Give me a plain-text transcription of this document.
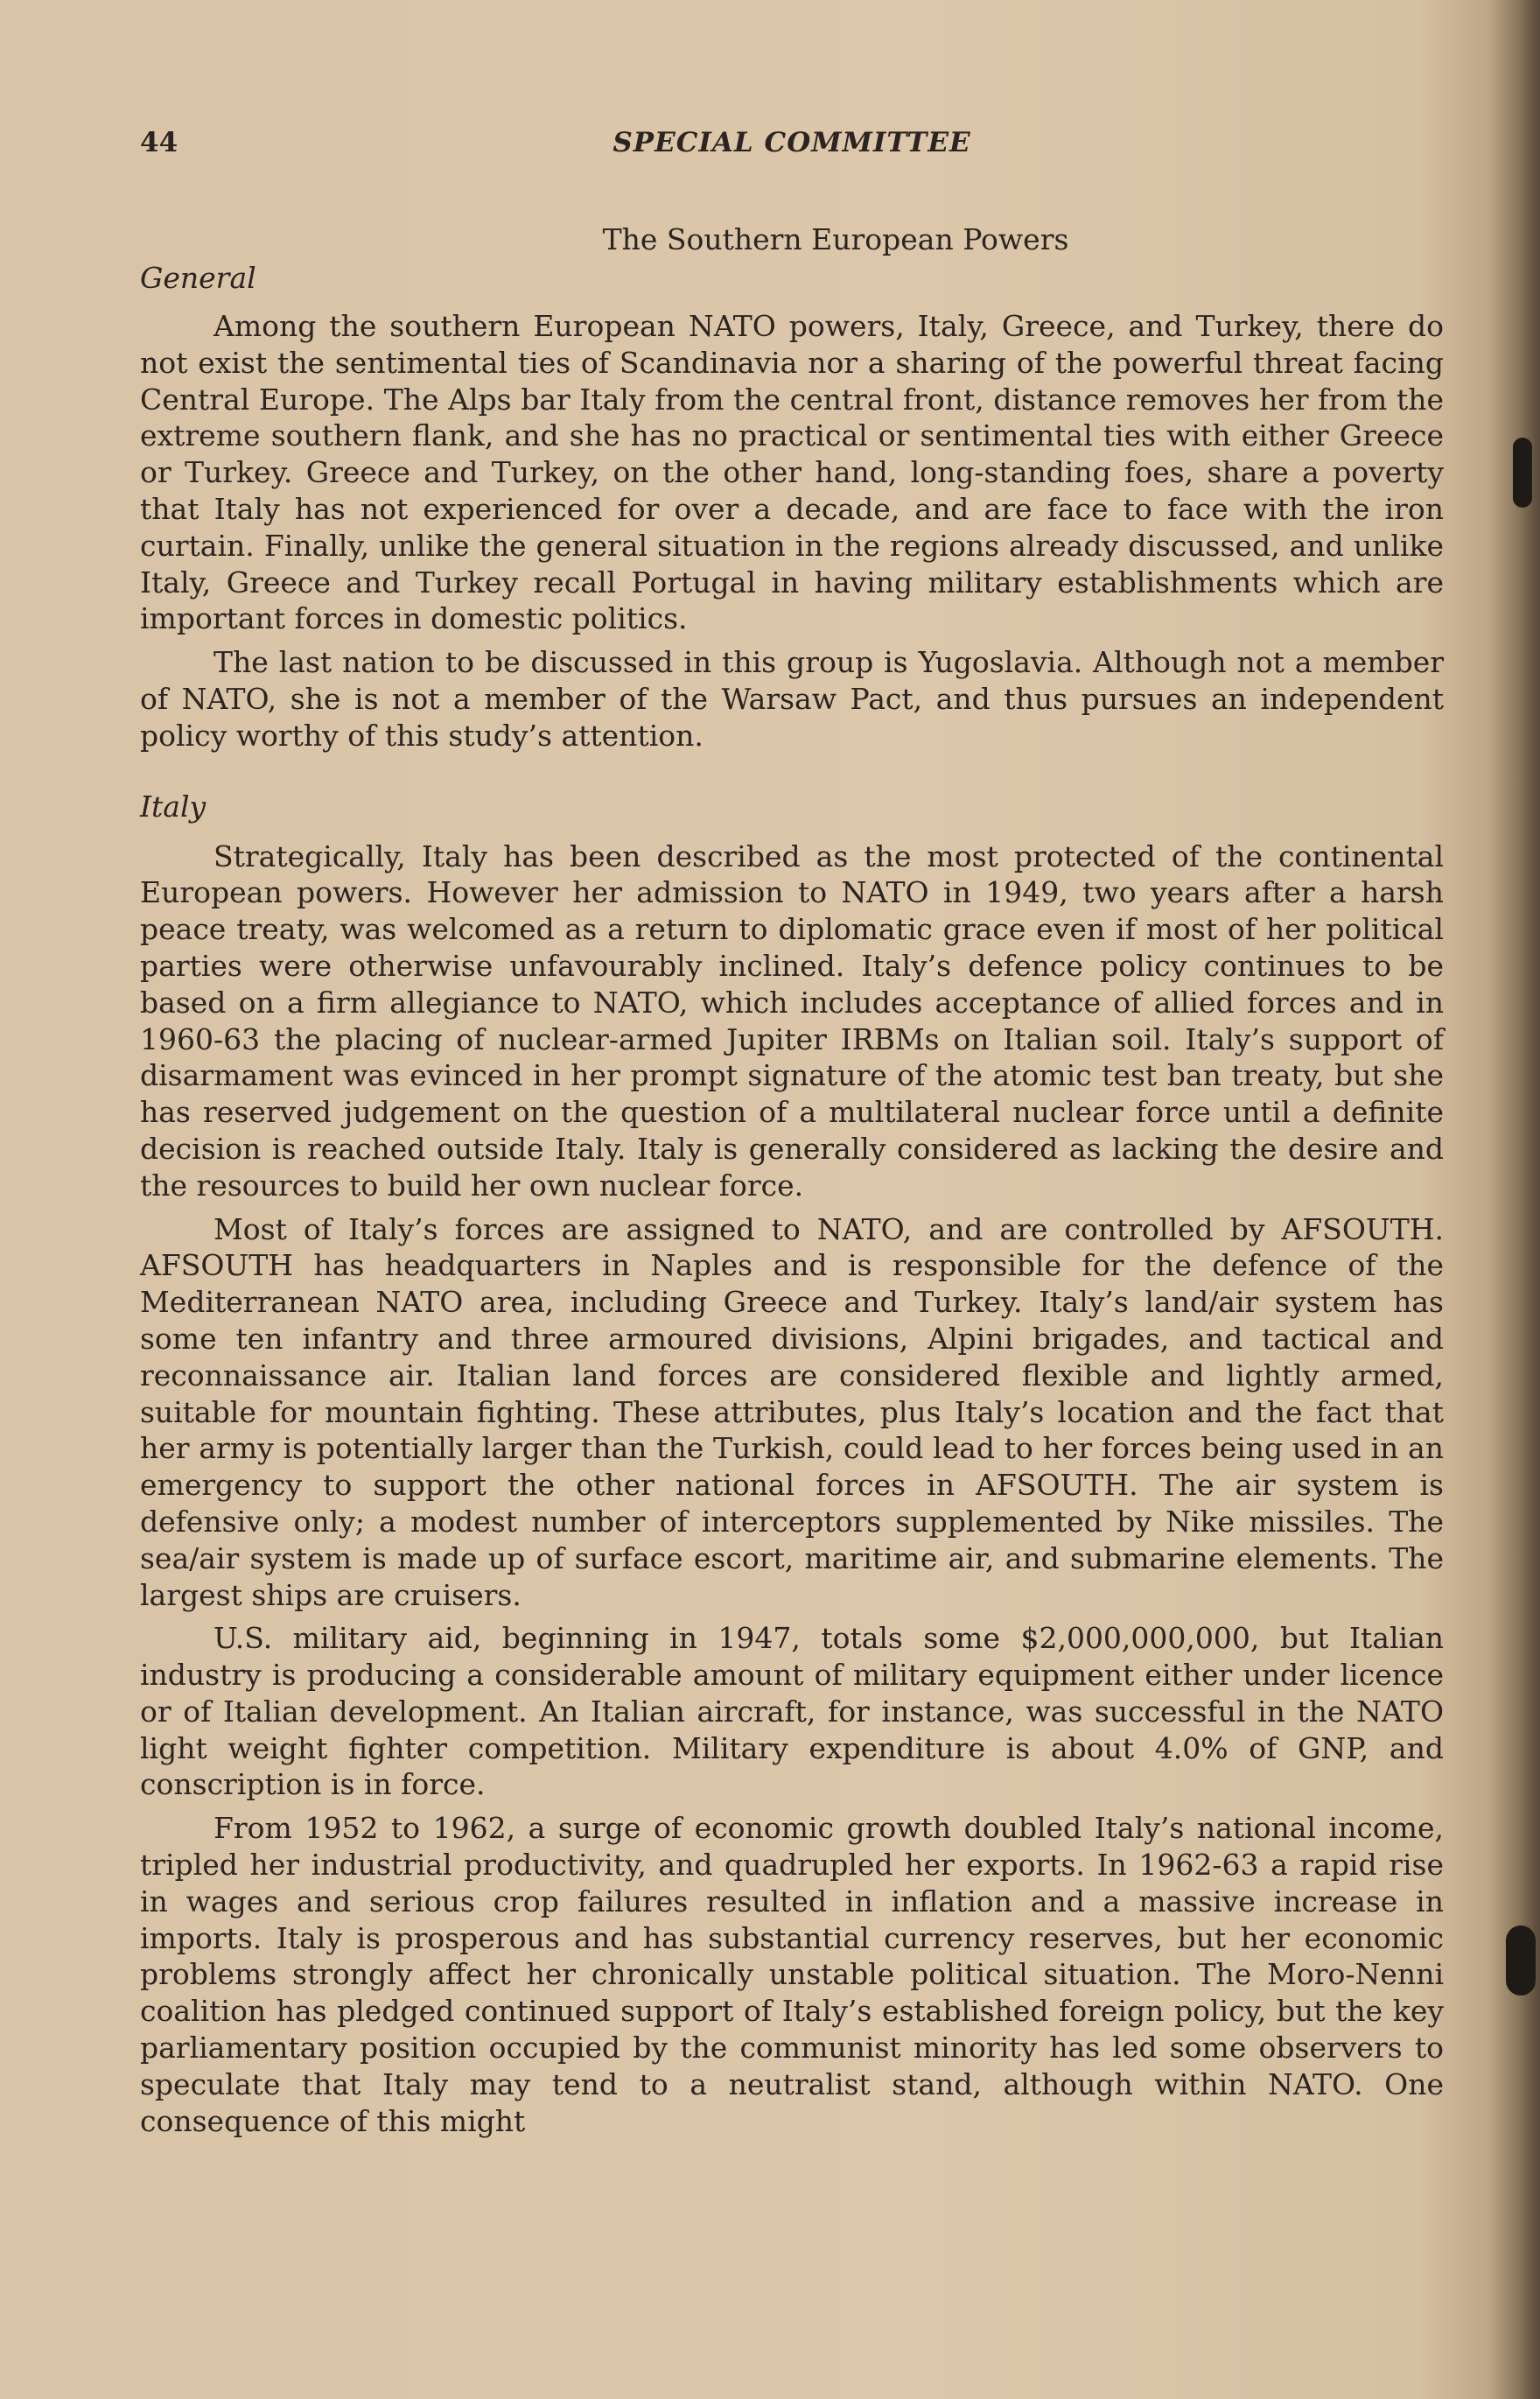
44	SPECIAL COMMITTEE
The Southern European Powers
General

Among the southern European NATO powers, Italy, Greece, and Turkey, there do not exist the sentimental ties of Scandinavia nor a sharing of the powerful threat facing Central Europe. The Alps bar Italy from the central front, distance removes her from the extreme southern flank, and she has no practical or sentimental ties with either Greece or Turkey. Greece and Turkey, on the other hand, long-standing foes, share a poverty that Italy has not experienced for over a decade, and are face to face with the iron curtain. Finally, unlike the general situation in the regions already discussed, and unlike Italy, Greece and Turkey recall Portugal in having military establishments which are important forces in domestic politics.

The last nation to be discussed in this group is Yugoslavia. Although not a member of NATO, she is not a member of the Warsaw Pact, and thus pursues an independent policy worthy of this study’s attention.

Italy

Strategically, Italy has been described as the most protected of the continental European powers. However her admission to NATO in 1949, two years after a harsh peace treaty, was welcomed as a return to diplomatic grace even if most of her political parties were otherwise unfavourably inclined. Italy’s defence policy continues to be based on a firm allegiance to NATO, which includes acceptance of allied forces and in 1960-63 the placing of nuclear-armed Jupiter IRBMs on Italian soil. Italy’s support of disarmament was evinced in her prompt signature of the atomic test ban treaty, but she has reserved judgement on the question of a multilateral nuclear force until a definite decision is reached outside Italy. Italy is generally considered as lacking the desire and the resources to build her own nuclear force.

Most of Italy’s forces are assigned to NATO, and are controlled by AFSOUTH. AFSOUTH has headquarters in Naples and is responsible for the defence of the Mediterranean NATO area, including Greece and Turkey. Italy’s land/air system has some ten infantry and three armoured divisions, Alpini brigades, and tactical and reconnaissance air. Italian land forces are considered flexible and lightly armed, suitable for mountain fighting. These attributes, plus Italy’s location and the fact that her army is potentially larger than the Turkish, could lead to her forces being used in an emergency to support the other national forces in AFSOUTH. The air system is defensive only; a modest number of interceptors supplemented by Nike missiles. The sea/air system is made up of surface escort, maritime air, and submarine elements. The largest ships are cruisers.

U.S. military aid, beginning in 1947, totals some $2,000,000,000, but Italian industry is producing a considerable amount of military equipment either under licence or of Italian development. An Italian aircraft, for instance, was successful in the NATO light weight fighter competition. Military expenditure is about 4.0% of GNP, and conscription is in force.

From 1952 to 1962, a surge of economic growth doubled Italy’s national income, tripled her industrial productivity, and quadrupled her exports. In 1962-63 a rapid rise in wages and serious crop failures resulted in inflation and a massive increase in imports. Italy is prosperous and has substantial currency reserves, but her economic problems strongly affect her chronically unstable political situation. The Moro-Nenni coalition has pledged continued support of Italy’s established foreign policy, but the key parliamentary position occupied by the communist minority has led some observers to speculate that Italy may tend to a neutralist stand, although within NATO. One consequence of this might
